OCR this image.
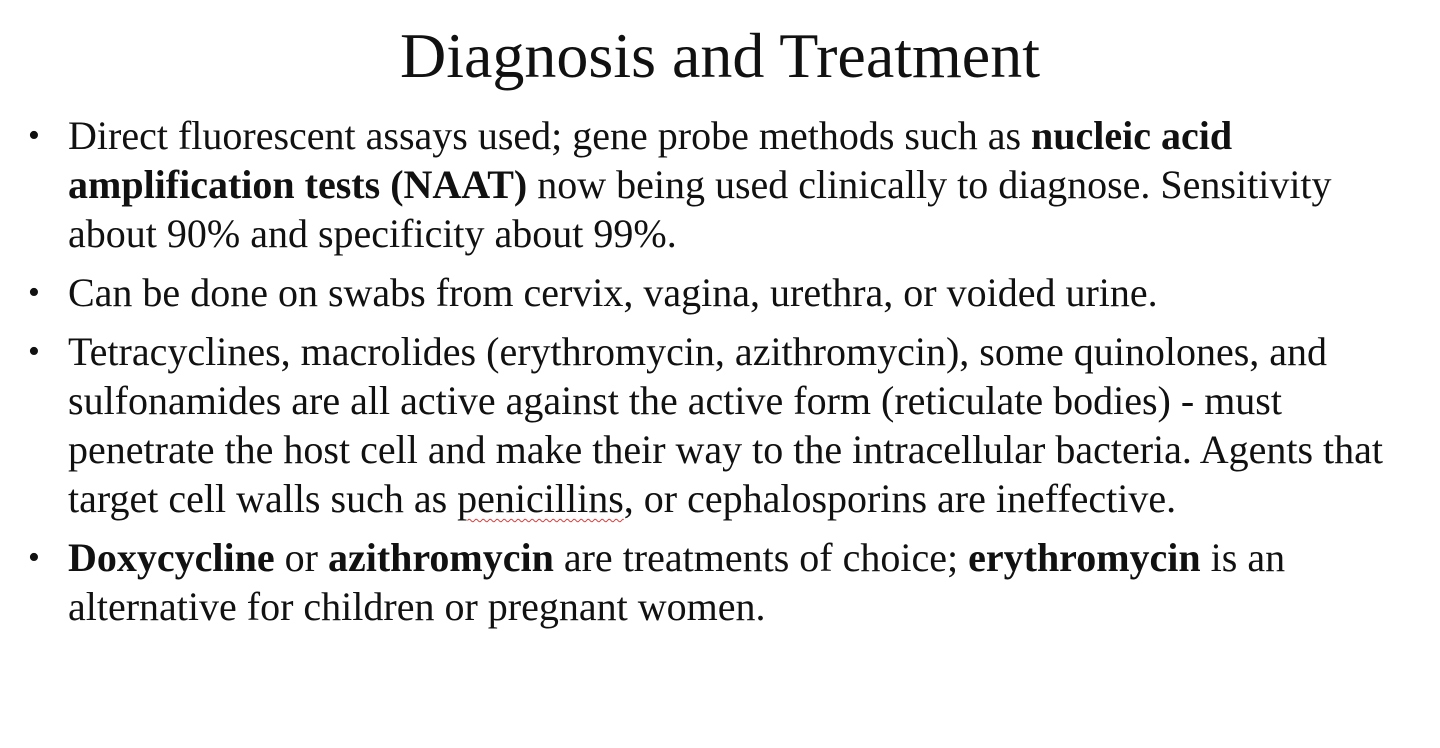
Diagnosis and Treatment
• Direct fluorescent assays used; gene probe methods such as nucleic acid amplification tests (NAAT) now being used clinically to diagnose. Sensitivity about 90% and specificity about 99%.
• Can be done on swabs from cervix, vagina, urethra, or voided urine.
• Tetracyclines, macrolides (erythromycin, azithromycin), some quinolones, and sulfonamides are all active against the active form (reticulate bodies) - must penetrate the host cell and make their way to the intracellular bacteria. Agents that target cell walls such as penicillins, or cephalosporins are ineffective.
• Doxycycline or azithromycin are treatments of choice; erythromycin is an alternative for children or pregnant women.
